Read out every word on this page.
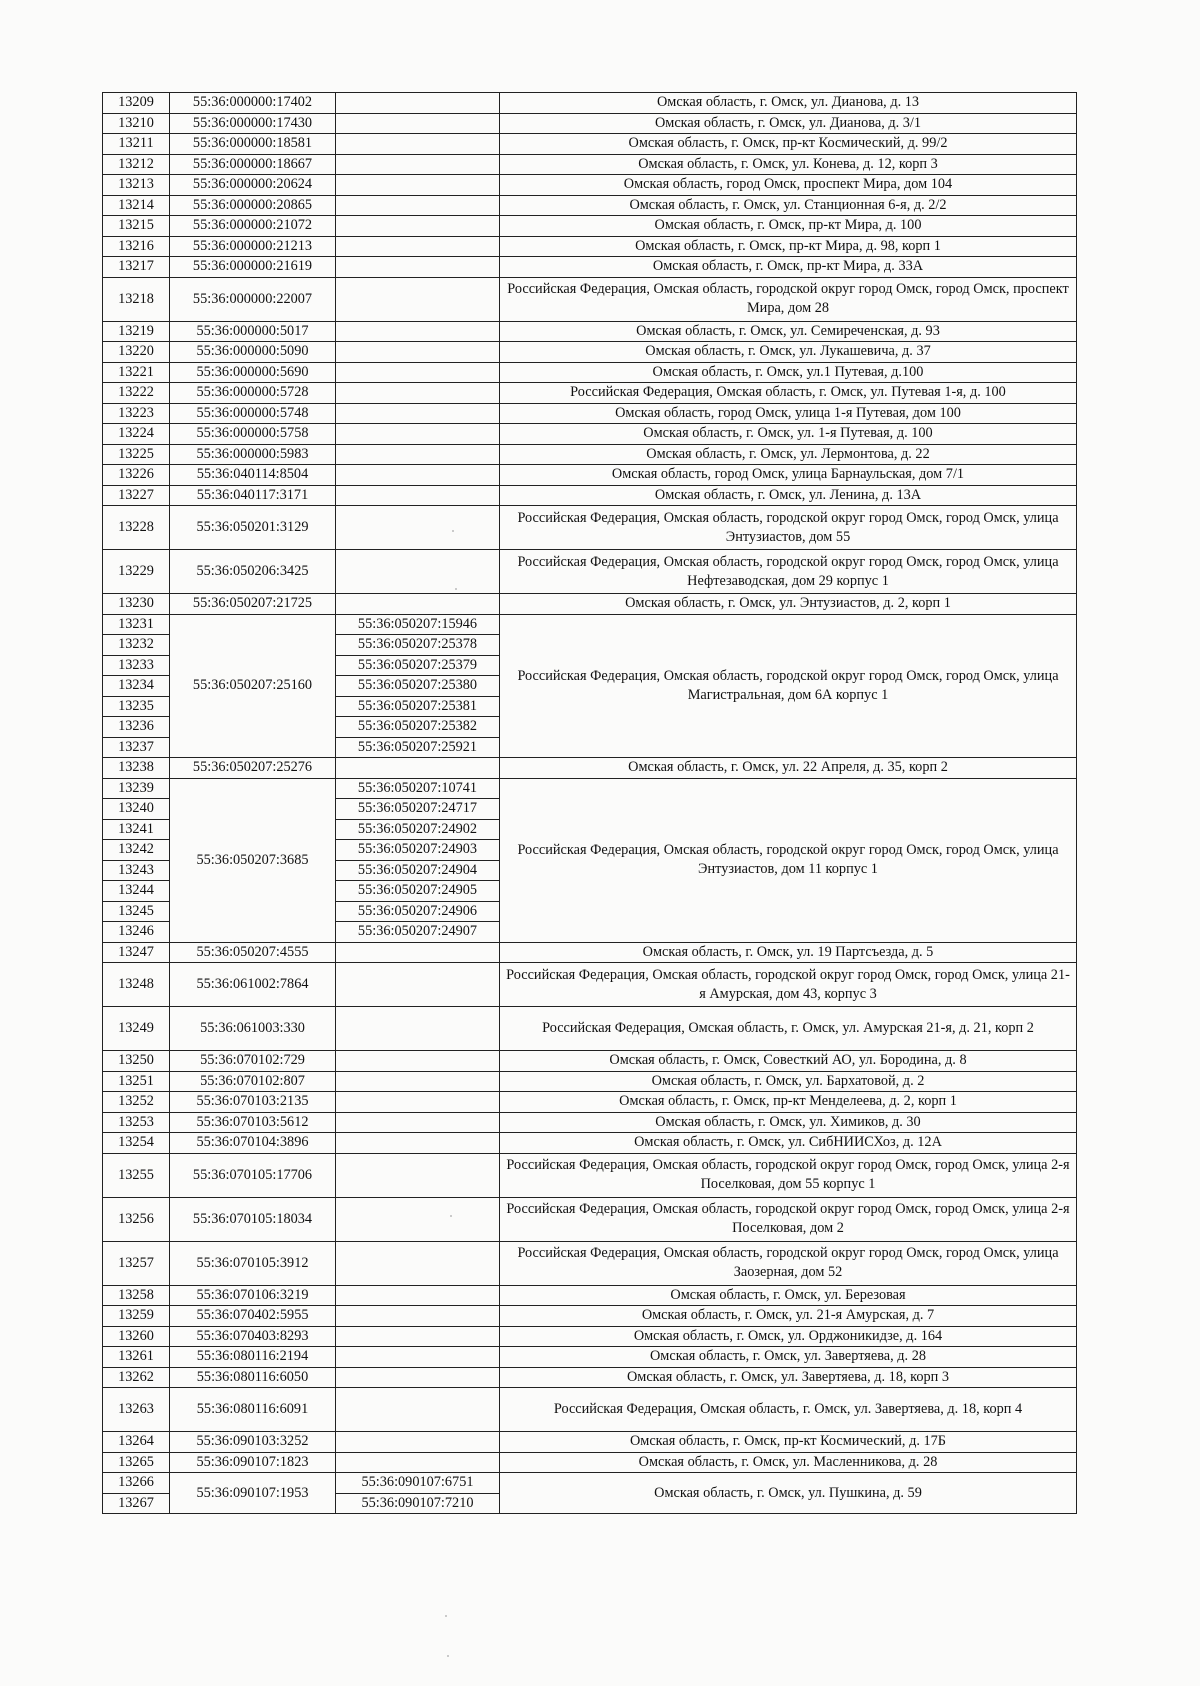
13209	55:36:000000:17402		Омская область, г. Омск, ул. Дианова, д. 13
13210	55:36:000000:17430		Омская область, г. Омск, ул. Дианова, д. 3/1
13211	55:36:000000:18581		Омская область, г. Омск, пр-кт Космический, д. 99/2
13212	55:36:000000:18667		Омская область, г. Омск, ул. Конева, д. 12, корп 3
13213	55:36:000000:20624		Омская область, город Омск, проспект Мира, дом 104
13214	55:36:000000:20865		Омская область, г. Омск, ул. Станционная 6-я, д. 2/2
13215	55:36:000000:21072		Омская область, г. Омск, пр-кт Мира, д. 100
13216	55:36:000000:21213		Омская область, г. Омск, пр-кт Мира, д. 98, корп 1
13217	55:36:000000:21619		Омская область, г. Омск, пр-кт Мира, д. 33А
13218	55:36:000000:22007		Российская Федерация, Омская область, городской округ город Омск, город Омск, проспект Мира, дом 28
13219	55:36:000000:5017		Омская область, г. Омск, ул. Семиреченская, д. 93
13220	55:36:000000:5090		Омская область, г. Омск, ул. Лукашевича, д. 37
13221	55:36:000000:5690		Омская область, г. Омск, ул.1 Путевая, д.100
13222	55:36:000000:5728		Российская Федерация, Омская область, г. Омск, ул. Путевая 1-я, д. 100
13223	55:36:000000:5748		Омская область, город Омск, улица 1-я Путевая, дом 100
13224	55:36:000000:5758		Омская область, г. Омск, ул. 1-я Путевая, д. 100
13225	55:36:000000:5983		Омская область, г. Омск, ул. Лермонтова, д. 22
13226	55:36:040114:8504		Омская область, город Омск, улица Барнаульская, дом 7/1
13227	55:36:040117:3171		Омская область, г. Омск, ул. Ленина, д. 13А
13228	55:36:050201:3129		Российская Федерация, Омская область, городской округ город Омск, город Омск, улица Энтузиастов, дом 55
13229	55:36:050206:3425		Российская Федерация, Омская область, городской округ город Омск, город Омск, улица Нефтезаводская, дом 29 корпус 1
13230	55:36:050207:21725		Омская область, г. Омск, ул. Энтузиастов, д. 2, корп 1
13231	55:36:050207:25160	55:36:050207:15946	Российская Федерация, Омская область, городской округ город Омск, город Омск, улица Магистральная, дом 6А корпус 1
13232		55:36:050207:25378	
13233		55:36:050207:25379	
13234		55:36:050207:25380	
13235		55:36:050207:25381	
13236		55:36:050207:25382	
13237		55:36:050207:25921	
13238	55:36:050207:25276		Омская область, г. Омск, ул. 22 Апреля, д. 35, корп 2
13239	55:36:050207:3685	55:36:050207:10741	Российская Федерация, Омская область, городской округ город Омск, город Омск, улица Энтузиастов, дом 11 корпус 1
13240		55:36:050207:24717	
13241		55:36:050207:24902	
13242		55:36:050207:24903	
13243		55:36:050207:24904	
13244		55:36:050207:24905	
13245		55:36:050207:24906	
13246		55:36:050207:24907	
13247	55:36:050207:4555		Омская область, г. Омск, ул. 19 Партсъезда, д. 5
13248	55:36:061002:7864		Российская Федерация, Омская область, городской округ город Омск, город Омск, улица 21-я Амурская, дом 43, корпус 3
13249	55:36:061003:330		Российская Федерация, Омская область, г. Омск, ул. Амурская 21-я, д. 21, корп 2
13250	55:36:070102:729		Омская область, г. Омск, Совесткий АО, ул. Бородина, д. 8
13251	55:36:070102:807		Омская область, г. Омск, ул. Бархатовой, д. 2
13252	55:36:070103:2135		Омская область, г. Омск, пр-кт Менделеева, д. 2, корп 1
13253	55:36:070103:5612		Омская область, г. Омск, ул. Химиков, д. 30
13254	55:36:070104:3896		Омская область, г. Омск, ул. СибНИИСХоз, д. 12А
13255	55:36:070105:17706		Российская Федерация, Омская область, городской округ город Омск, город Омск, улица 2-я Поселковая, дом 55 корпус 1
13256	55:36:070105:18034		Российская Федерация, Омская область, городской округ город Омск, город Омск, улица 2-я Поселковая, дом 2
13257	55:36:070105:3912		Российская Федерация, Омская область, городской округ город Омск, город Омск, улица Заозерная, дом 52
13258	55:36:070106:3219		Омская область, г. Омск, ул. Березовая
13259	55:36:070402:5955		Омская область, г. Омск, ул. 21-я Амурская, д. 7
13260	55:36:070403:8293		Омская область, г. Омск, ул. Орджоникидзе, д. 164
13261	55:36:080116:2194		Омская область, г. Омск, ул. Завертяева, д. 28
13262	55:36:080116:6050		Омская область, г. Омск, ул. Завертяева, д. 18, корп 3
13263	55:36:080116:6091		Российская Федерация, Омская область, г. Омск, ул. Завертяева, д. 18, корп 4
13264	55:36:090103:3252		Омская область, г. Омск, пр-кт Космический, д. 17Б
13265	55:36:090107:1823		Омская область, г. Омск, ул. Масленникова, д. 28
13266	55:36:090107:1953	55:36:090107:6751	Омская область, г. Омск, ул. Пушкина, д. 59
13267		55:36:090107:7210	
